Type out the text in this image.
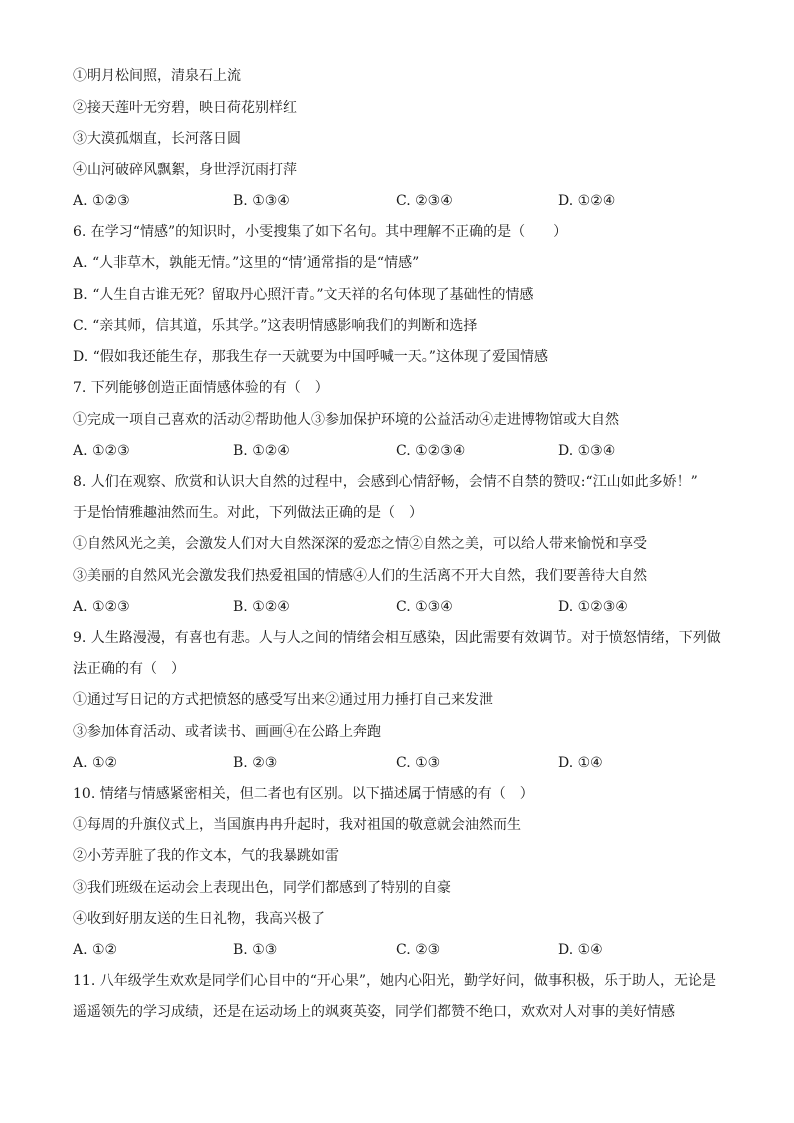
①明月松间照，清泉石上流
②接天莲叶无穷碧，映日荷花别样红
③大漠孤烟直，长河落日圆
④山河破碎风飘絮，身世浮沉雨打萍
A. ①②③	B. ①③④	C. ②③④	D. ①②④
6. 在学习“情感”的知识时，小雯搜集了如下名句。其中理解不正确的是（　　）
A. “人非草木，孰能无情。”这里的“情’通常指的是“情感”
B. “人生自古谁无死？留取丹心照汗青。”文天祥的名句体现了基础性的情感
C. “亲其师，信其道，乐其学。”这表明情感影响我们的判断和选择
D. “假如我还能生存，那我生存一天就要为中国呼喊一天。”这体现了爱国情感
7. 下列能够创造正面情感体验的有（　）
①完成一项自己喜欢的活动②帮助他人③参加保护环境的公益活动④走进博物馆或大自然
A. ①②③	B. ①②④	C. ①②③④	D. ①③④
8. 人们在观察、欣赏和认识大自然的过程中，会感到心情舒畅，会情不自禁的赞叹:“江山如此多娇！”
于是怡情雅趣油然而生。对此，下列做法正确的是（　）
①自然风光之美，会激发人们对大自然深深的爱恋之情②自然之美，可以给人带来愉悦和享受
③美丽的自然风光会激发我们热爱祖国的情感④人们的生活离不开大自然，我们要善待大自然
A. ①②③	B. ①②④	C. ①③④	D. ①②③④
9. 人生路漫漫，有喜也有悲。人与人之间的情绪会相互感染，因此需要有效调节。对于愤怒情绪，下列做
法正确的有（　）
①通过写日记的方式把愤怒的感受写出来②通过用力捶打自己来发泄
③参加体育活动、或者读书、画画④在公路上奔跑
A. ①②	B. ②③	C. ①③	D. ①④
10. 情绪与情感紧密相关，但二者也有区别。以下描述属于情感的有（　）
①每周的升旗仪式上，当国旗冉冉升起时，我对祖国的敬意就会油然而生
②小芳弄脏了我的作文本，气的我暴跳如雷
③我们班级在运动会上表现出色，同学们都感到了特别的自豪
④收到好朋友送的生日礼物，我高兴极了
A. ①②	B. ①③	C. ②③	D. ①④
11. 八年级学生欢欢是同学们心目中的“开心果”，她内心阳光，勤学好问，做事积极，乐于助人，无论是
遥遥领先的学习成绩，还是在运动场上的飒爽英姿，同学们都赞不绝口，欢欢对人对事的美好情感
